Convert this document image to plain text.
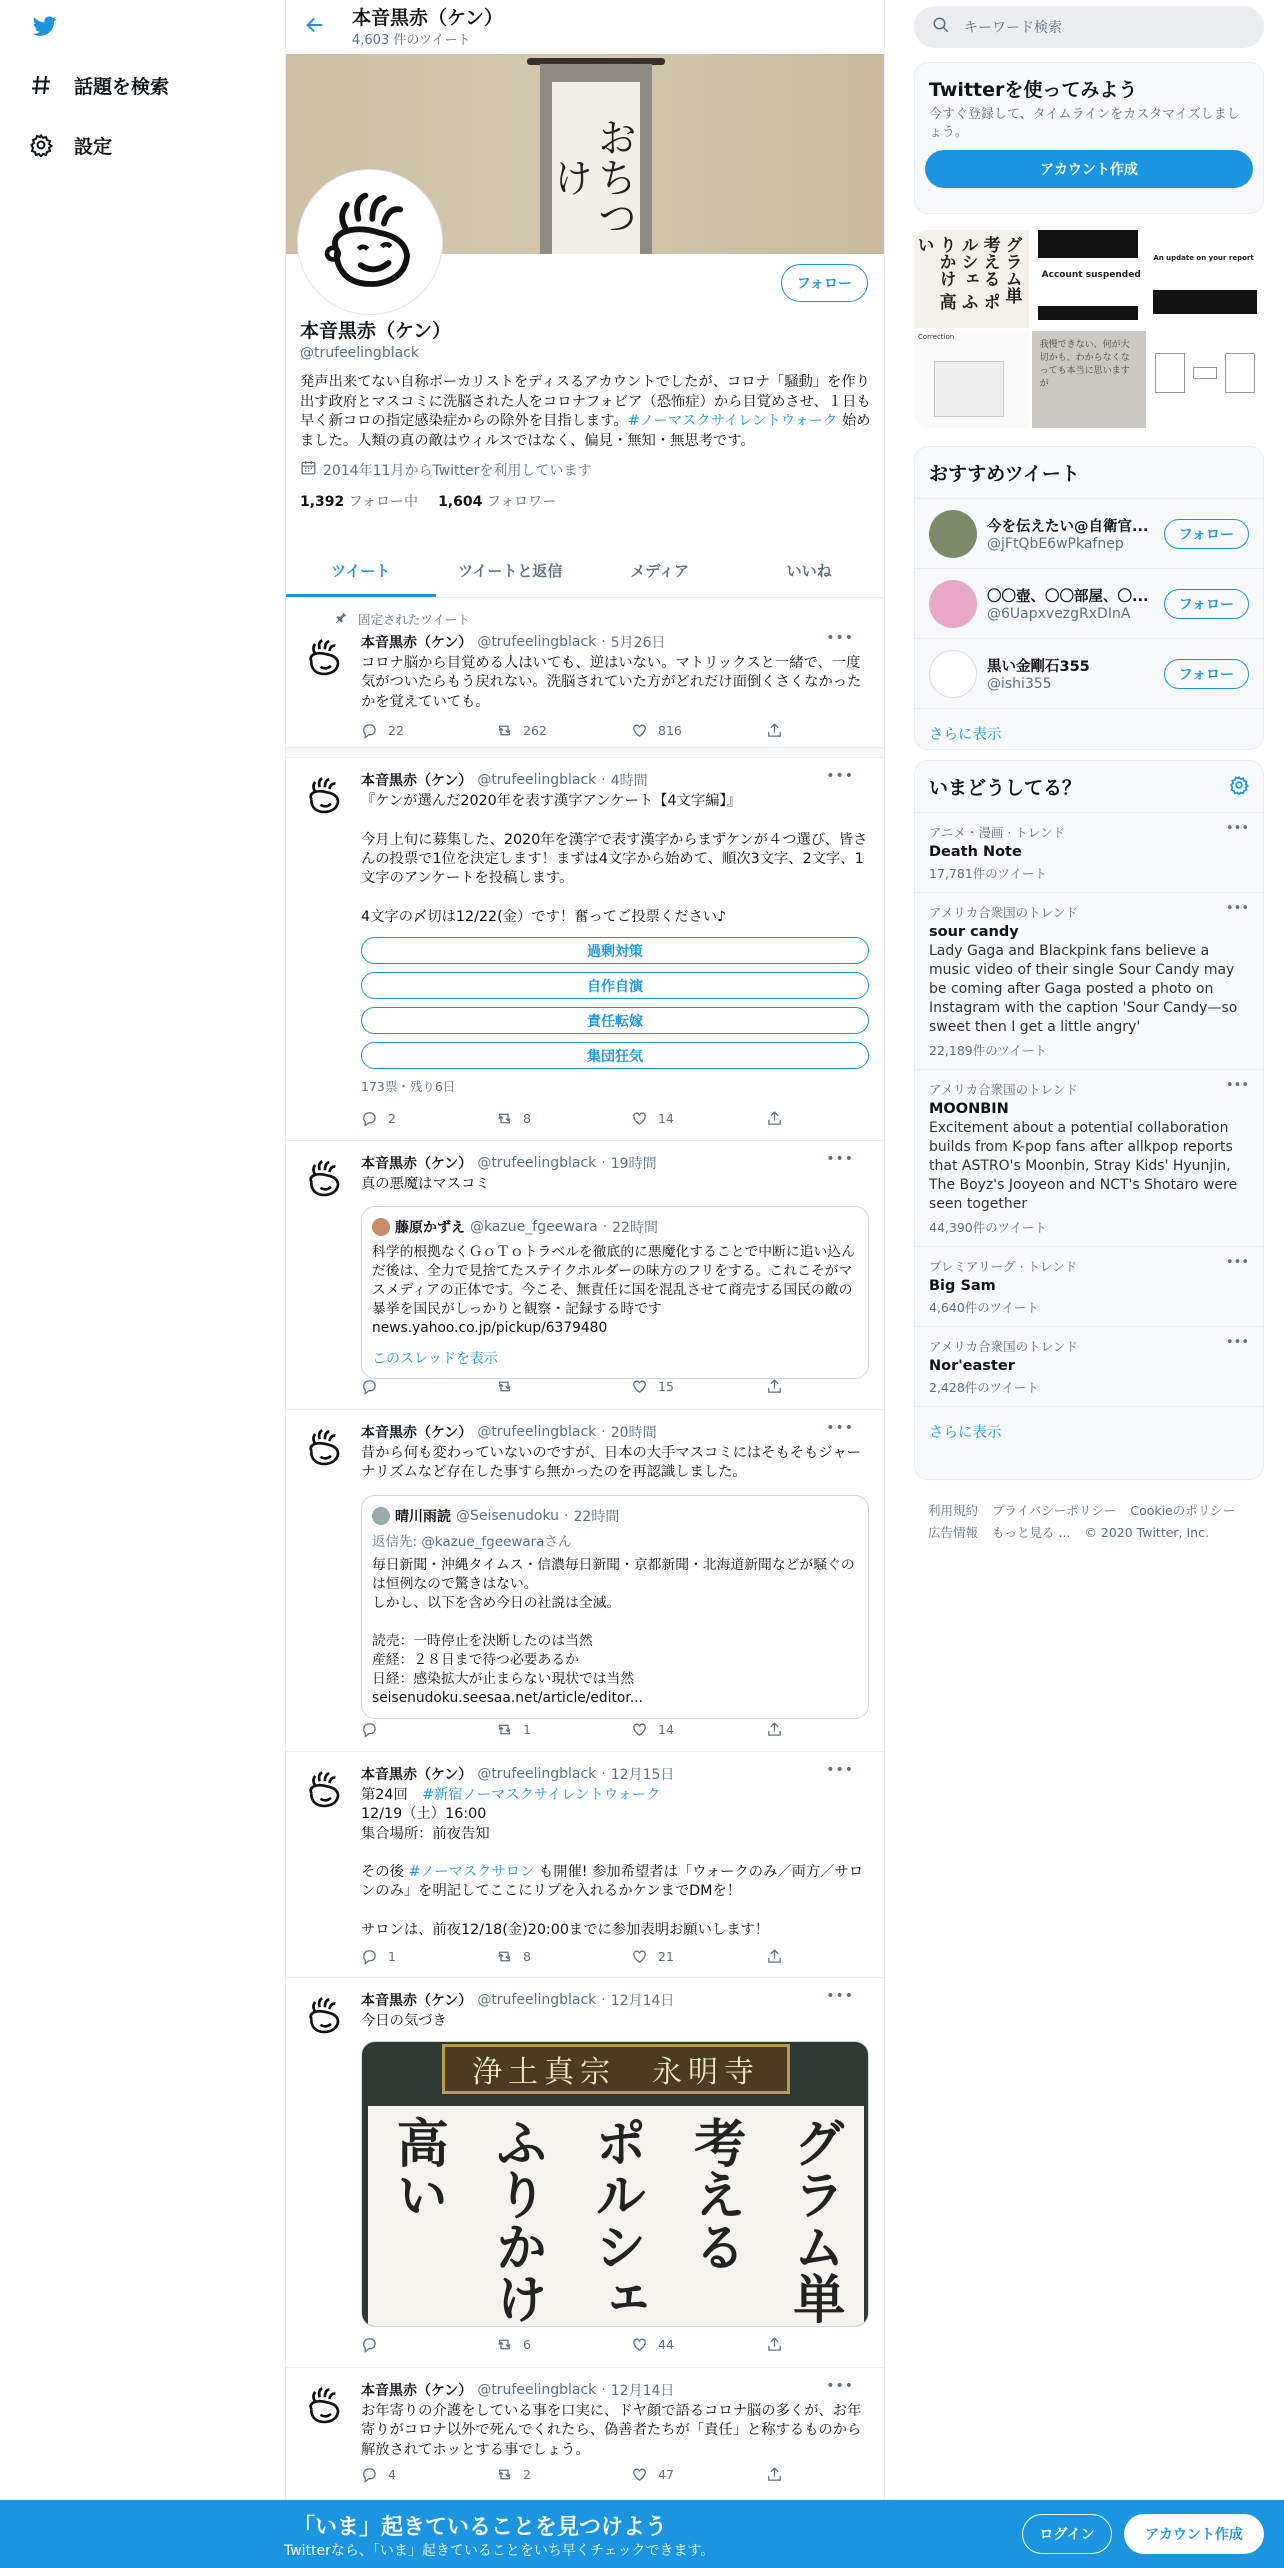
話題を検索
設定
本音黒赤（ケン）
4,603 件のツイート
おちつけ
フォロー
本音黒赤（ケン）
@trufeelingblack
発声出来てない自称ボーカリストをディスるアカウントでしたが、コロナ「騒動」を作り出す政府とマスコミに洗脳された人をコロナフォビア（恐怖症）から目覚めさせ、１日も早く新コロの指定感染症からの除外を目指します。#ノーマスクサイレントウォーク 始めました。人類の真の敵はウィルスではなく、偏見・無知・無思考です。
2014年11月からTwitterを利用しています
1,392 フォロー中 1,604 フォロワー
ツイート	ツイートと返信	メディア	いいね
固定されたツイート
本音黒赤（ケン） @trufeelingblack · 5月26日	•••
コロナ脳から目覚める人はいても、逆はいない。マトリックスと一緒で、一度気がついたらもう戻れない。洗脳されていた方がどれだけ面倒くさくなかったかを覚えていても。
22	262	816
本音黒赤（ケン） @trufeelingblack · 4時間	•••
『ケンが選んだ2020年を表す漢字アンケート【4文字編】』

今月上旬に募集した、2020年を漢字で表す漢字からまずケンが４つ選び、皆さんの投票で1位を決定します！まずは4文字から始めて、順次3文字、2文字、1文字のアンケートを投稿します。

4文字の〆切は12/22(金）です！奮ってご投票ください♪
過剰対策
自作自演
責任転嫁
集団狂気
173票・残り6日
2	8	14
本音黒赤（ケン） @trufeelingblack · 19時間	•••
真の悪魔はマスコミ
藤原かずえ @kazue_fgeewara · 22時間
科学的根拠なくＧｏＴｏトラベルを徹底的に悪魔化することで中断に追い込んだ後は、全力で見捨てたステイクホルダーの味方のフリをする。これこそがマスメディアの正体です。今こそ、無責任に国を混乱させて商売する国民の敵の暴挙を国民がしっかりと観察・記録する時です
news.yahoo.co.jp/pickup/6379480
このスレッドを表示
15
本音黒赤（ケン） @trufeelingblack · 20時間	•••
昔から何も変わっていないのですが、日本の大手マスコミにはそもそもジャーナリズムなど存在した事すら無かったのを再認識しました。
晴川雨読 @Seisenudoku · 22時間
返信先: @kazue_fgeewaraさん
毎日新聞・沖縄タイムス・信濃毎日新聞・京都新聞・北海道新聞などが騒ぐのは恒例なので驚きはない。
しかし、以下を含め今日の社説は全滅。

読売：一時停止を決断したのは当然
産経：２８日まで待つ必要あるか
日経：感染拡大が止まらない現状では当然
seisenudoku.seesaa.net/article/editor...
1	14
本音黒赤（ケン） @trufeelingblack · 12月15日	•••
第24回　#新宿ノーマスクサイレントウォーク
12/19（土）16:00
集合場所：前夜告知

その後 #ノーマスクサロン も開催! 参加希望者は「ウォークのみ／両方／サロンのみ」を明記してここにリプを入れるかケンまでDMを！

サロンは、前夜12/18(金)20:00までに参加表明お願いします！
1	8	21
本音黒赤（ケン） @trufeelingblack · 12月14日	•••
今日の気づき
浄土真宗　永明寺
グラム単
考える
ポルシェ
ふりかけ
高い
6	44
本音黒赤（ケン） @trufeelingblack · 12月14日	•••
お年寄りの介護をしている事を口実に、ドヤ顔で語るコロナ脳の多くが、お年寄りがコロナ以外で死んでくれたら、偽善者たちが「責任」と称するものから解放されてホッとする事でしょう。
4	2	47
キーワード検索
Twitterを使ってみよう
今すぐ登録して、タイムラインをカスタマイズしましょう。
アカウント作成
グラム単 考える ポルシェ ふりかけ 高い
Account suspended
An update on your report
Correction
我慢できない、何が大切かも、わからなくなっても本当に思いますが
おすすめツイート
今を伝えたい@自衛官...
@jFtQbE6wPkafnep
フォロー
〇〇壺、〇〇部屋、〇...
@6UapxvezgRxDInA
フォロー
黒い金剛石355
@ishi355
フォロー
さらに表示
いまどうしてる？
アニメ・漫画 · トレンド
Death Note
17,781件のツイート
•••
アメリカ合衆国のトレンド
sour candy
Lady Gaga and Blackpink fans believe a music video of their single Sour Candy may be coming after Gaga posted a photo on Instagram with the caption 'Sour Candy—so sweet then I get a little angry'
22,189件のツイート
•••
アメリカ合衆国のトレンド
MOONBIN
Excitement about a potential collaboration builds from K-pop fans after allkpop reports that ASTRO's Moonbin, Stray Kids' Hyunjin, The Boyz's Jooyeon and NCT's Shotaro were seen together
44,390件のツイート
•••
プレミアリーグ · トレンド
Big Sam
4,640件のツイート
•••
アメリカ合衆国のトレンド
Nor'easter
2,428件のツイート
•••
さらに表示
利用規約 プライバシーポリシー Cookieのポリシー
広告情報 もっと見る ... © 2020 Twitter, Inc.
「いま」起きていることを見つけよう
Twitterなら、「いま」起きていることをいち早くチェックできます。
ログイン	アカウント作成
